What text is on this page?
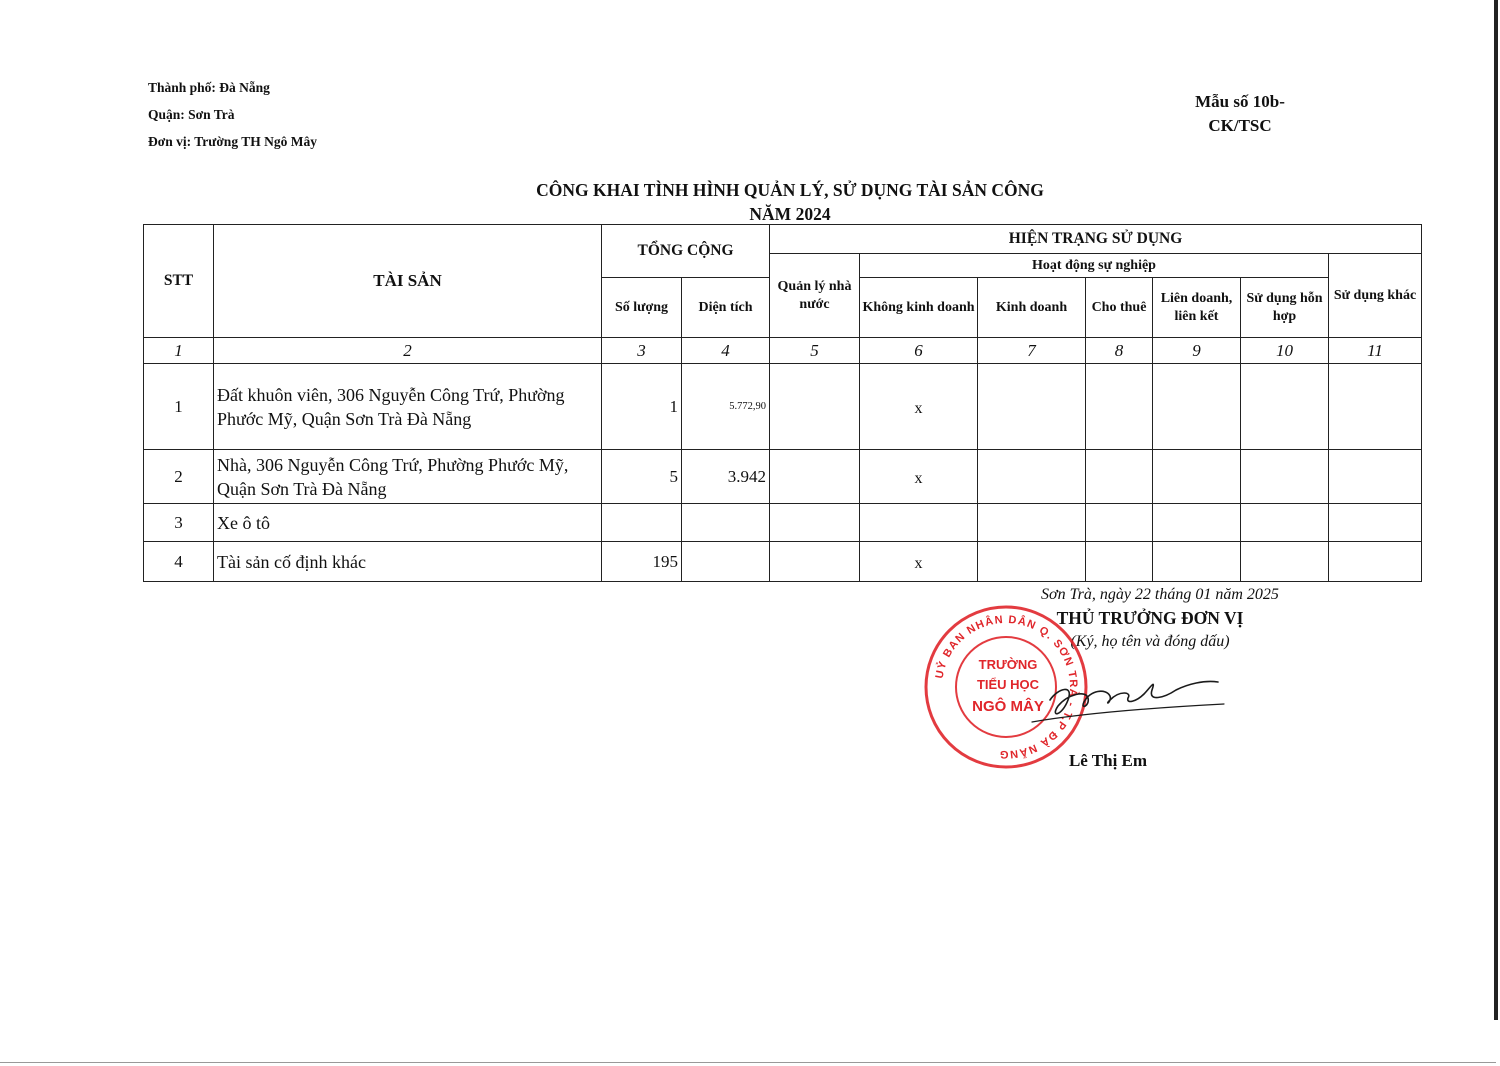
Thành phố: Đà Nẵng
Quận: Sơn Trà
Đơn vị: Trường TH Ngô Mây
Mẫu số 10b-
CK/TSC
CÔNG KHAI TÌNH HÌNH QUẢN LÝ, SỬ DỤNG TÀI SẢN CÔNG
NĂM 2024
STT	TÀI SẢN	TỔNG CỘNG		HIỆN TRẠNG SỬ DỤNG						
				Quản lý nhà nước	Hoạt động sự nghiệp					Sử dụng khác
		Số lượng	Diện tích		Không kinh doanh	Kinh doanh	Cho thuê	Liên doanh, liên kết	Sử dụng hỗn hợp	
1	2	3	4	5	6	7	8	9	10	11
1	Đất khuôn viên, 306 Nguyễn Công Trứ, Phường Phước Mỹ, Quận Sơn Trà Đà Nẵng	1	5.772,90		x					
2	Nhà, 306 Nguyễn Công Trứ, Phường Phước Mỹ, Quận Sơn Trà Đà Nẵng	5	3.942		x					
3	Xe ô tô									
4	Tài sản cố định khác	195			x					
Sơn Trà, ngày 22 tháng 01 năm 2025
THỦ TRƯỞNG ĐƠN VỊ
(Ký, họ tên và đóng dấu)
UỶ BAN NHÂN DÂN Q. SƠN TRÀ - T.P ĐÀ NẴNG
TRƯỜNG
TIỂU HỌC
NGÔ MÂY
Lê Thị Em
